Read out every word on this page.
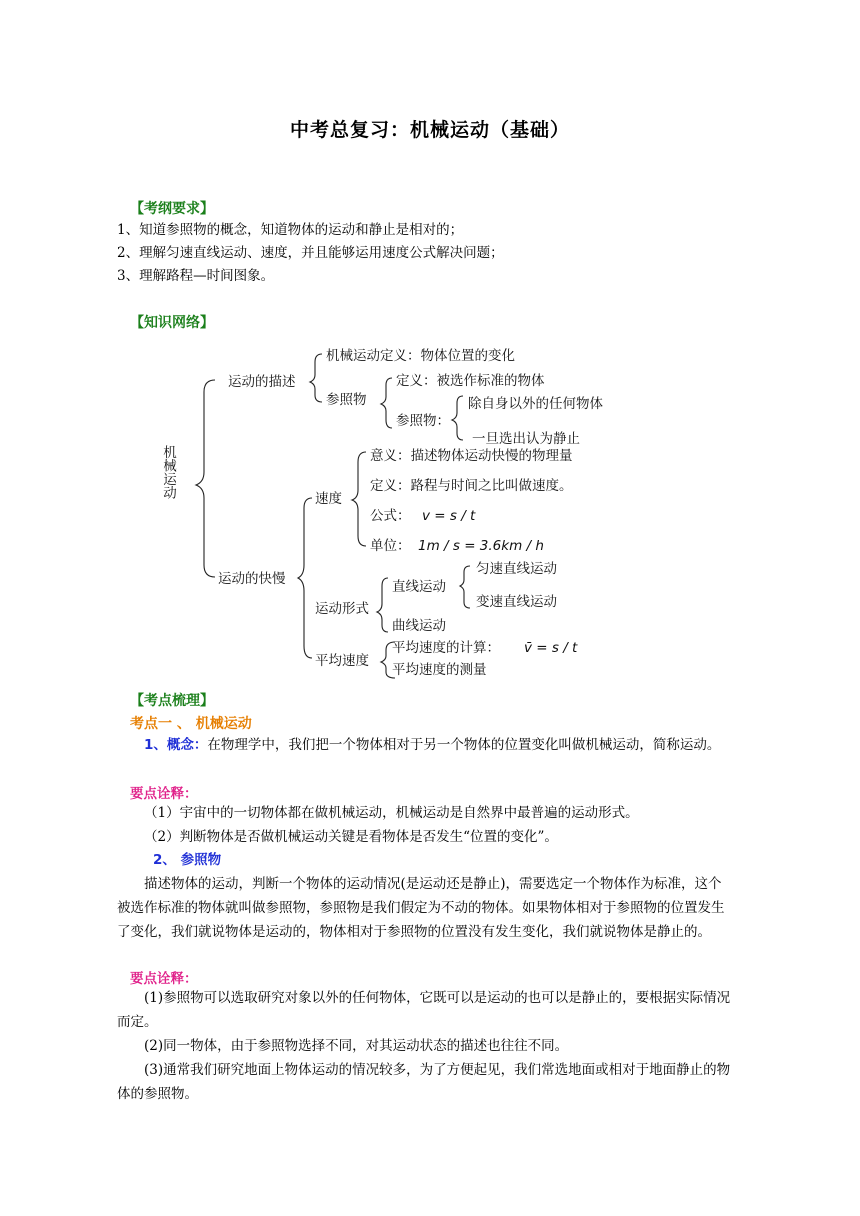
中考总复习：机械运动（基础）
【考纲要求】
1、知道参照物的概念，知道物体的运动和静止是相对的；
2、理解匀速直线运动、速度，并且能够运用速度公式解决问题；
3、理解路程—时间图象。
【知识网络】
机械运动
运动的描述
机械运动定义：物体位置的变化
参照物
定义：被选作标准的物体
参照物：
除自身以外的任何物体
一旦选出认为静止
运动的快慢
速度
意义：描述物体运动快慢的物理量
定义：路程与时间之比叫做速度。
公式： v = s / t
单位： 1m / s = 3.6km / h
运动形式
直线运动
曲线运动
匀速直线运动
变速直线运动
平均速度
平均速度的计算： v̄ = s / t
平均速度的测量
【考点梳理】
考点一 、 机械运动
1、概念：在物理学中，我们把一个物体相对于另一个物体的位置变化叫做机械运动，简称运动。
要点诠释：
（1）宇宙中的一切物体都在做机械运动，机械运动是自然界中最普遍的运动形式。
（2）判断物体是否做机械运动关键是看物体是否发生“位置的变化”。
2、 参照物
描述物体的运动，判断一个物体的运动情况(是运动还是静止)，需要选定一个物体作为标准，这个被选作标准的物体就叫做参照物，参照物是我们假定为不动的物体。如果物体相对于参照物的位置发生了变化，我们就说物体是运动的，物体相对于参照物的位置没有发生变化，我们就说物体是静止的。
要点诠释：
(1)参照物可以选取研究对象以外的任何物体，它既可以是运动的也可以是静止的，要根据实际情况而定。
(2)同一物体，由于参照物选择不同，对其运动状态的描述也往往不同。
(3)通常我们研究地面上物体运动的情况较多，为了方便起见，我们常选地面或相对于地面静止的物体的参照物。
